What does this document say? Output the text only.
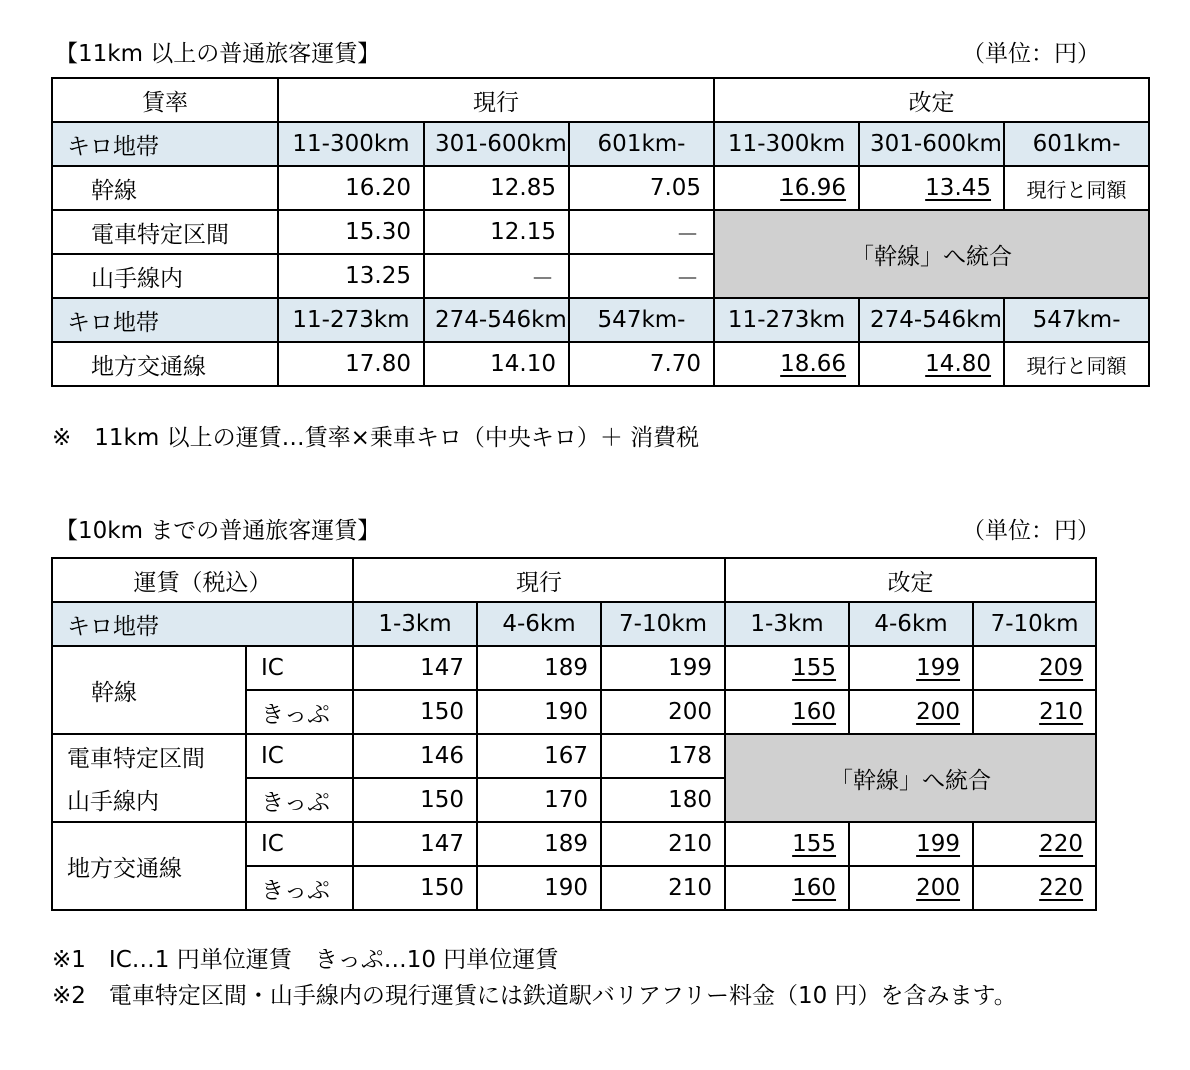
【11km 以上の普通旅客運賃】	（単位：円）
賃率	現行			改定		
キロ地帯	11-300km	301-600km	601km-	11-300km	301-600km	601km-
幹線	16.20	12.85	7.05	16.96	13.45	現行と同額
電車特定区間	15.30	12.15	－	「幹線」へ統合		
山手線内	13.25	－	－			
キロ地帯	11-273km	274-546km	547km-	11-273km	274-546km	547km-
地方交通線	17.80	14.10	7.70	18.66	14.80	現行と同額
※　11km 以上の運賃…賃率×乗車キロ（中央キロ）＋ 消費税
【10km までの普通旅客運賃】	（単位：円）
運賃（税込）		現行			改定		
キロ地帯		1-3km	4-6km	7-10km	1-3km	4-6km	7-10km
幹線	IC	147	189	199	155	199	209
	きっぷ	150	190	200	160	200	210
電車特定区間	IC	146	167	178	「幹線」へ統合		
山手線内	きっぷ	150	170	180			
地方交通線	IC	147	189	210	155	199	220
	きっぷ	150	190	210	160	200	220
※1　IC…1 円単位運賃　きっぷ…10 円単位運賃
※2　電車特定区間・山手線内の現行運賃には鉄道駅バリアフリー料金（10 円）を含みます。
